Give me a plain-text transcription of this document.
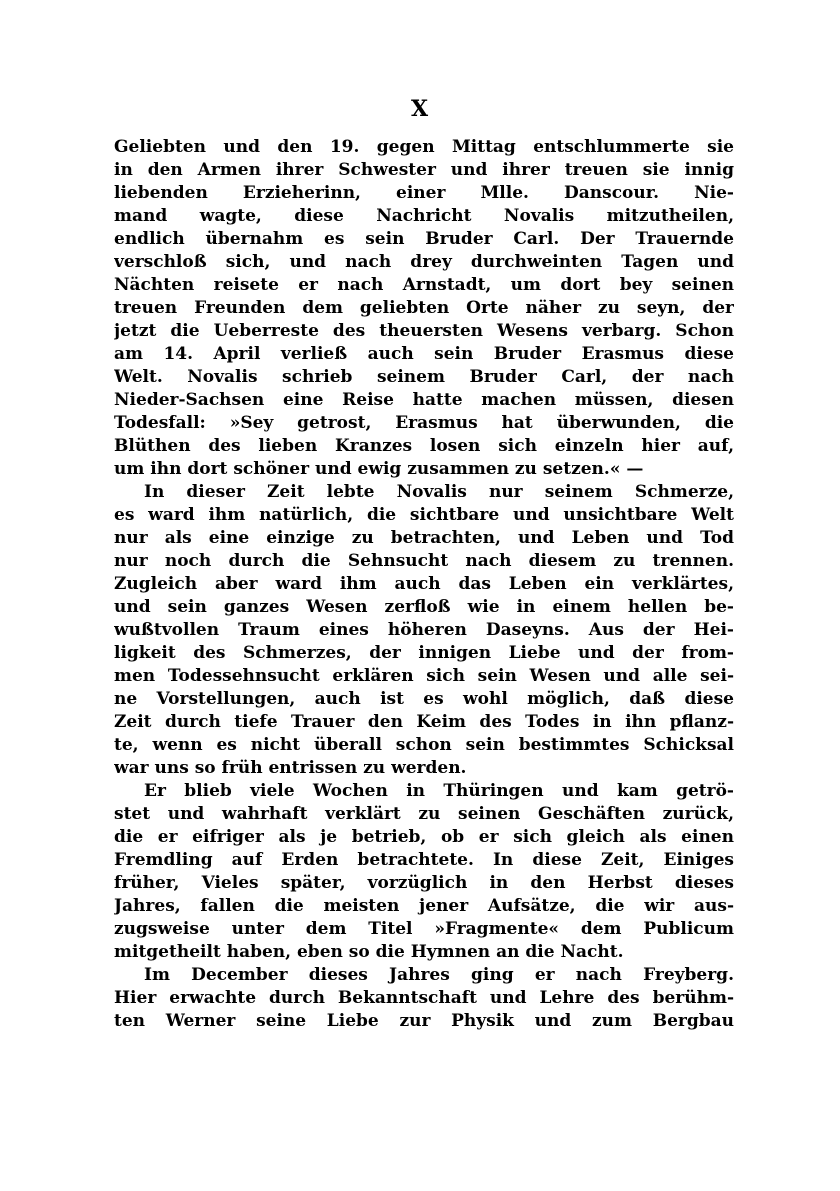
X
Geliebten und den 19. gegen Mittag entschlummerte sie
in den Armen ihrer Schwester und ihrer treuen sie innig
liebenden Erzieherinn, einer Mlle. Danscour. Nie-
mand wagte, diese Nachricht Novalis mitzutheilen,
endlich übernahm es sein Bruder Carl. Der Trauernde
verschloß sich, und nach drey durchweinten Tagen und
Nächten reisete er nach Arnstadt, um dort bey seinen
treuen Freunden dem geliebten Orte näher zu seyn, der
jetzt die Ueberreste des theuersten Wesens verbarg. Schon
am 14. April verließ auch sein Bruder Erasmus diese
Welt. Novalis schrieb seinem Bruder Carl, der nach
Nieder-Sachsen eine Reise hatte machen müssen, diesen
Todesfall: »Sey getrost, Erasmus hat überwunden, die
Blüthen des lieben Kranzes losen sich einzeln hier auf,
um ihn dort schöner und ewig zusammen zu setzen.« —
In dieser Zeit lebte Novalis nur seinem Schmerze,
es ward ihm natürlich, die sichtbare und unsichtbare Welt
nur als eine einzige zu betrachten, und Leben und Tod
nur noch durch die Sehnsucht nach diesem zu trennen.
Zugleich aber ward ihm auch das Leben ein verklärtes,
und sein ganzes Wesen zerfloß wie in einem hellen be-
wußtvollen Traum eines höheren Daseyns. Aus der Hei-
ligkeit des Schmerzes, der innigen Liebe und der from-
men Todessehnsucht erklären sich sein Wesen und alle sei-
ne Vorstellungen, auch ist es wohl möglich, daß diese
Zeit durch tiefe Trauer den Keim des Todes in ihn pflanz-
te, wenn es nicht überall schon sein bestimmtes Schicksal
war uns so früh entrissen zu werden.
Er blieb viele Wochen in Thüringen und kam getrö-
stet und wahrhaft verklärt zu seinen Geschäften zurück,
die er eifriger als je betrieb, ob er sich gleich als einen
Fremdling auf Erden betrachtete. In diese Zeit, Einiges
früher, Vieles später, vorzüglich in den Herbst dieses
Jahres, fallen die meisten jener Aufsätze, die wir aus-
zugsweise unter dem Titel »Fragmente« dem Publicum
mitgetheilt haben, eben so die Hymnen an die Nacht.
Im December dieses Jahres ging er nach Freyberg.
Hier erwachte durch Bekanntschaft und Lehre des berühm-
ten Werner seine Liebe zur Physik und zum Bergbau
